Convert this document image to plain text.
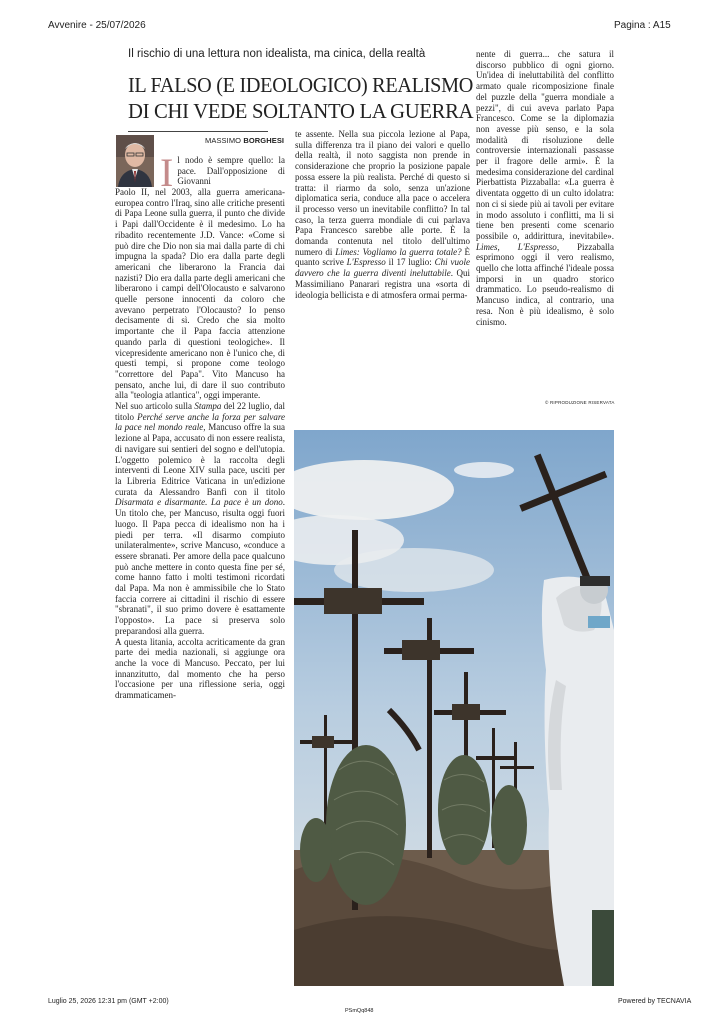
Avvenire - 25/07/2026	Pagina : A15
Il rischio di una lettura non idealista, ma cinica, della realtà
IL FALSO (E IDEOLOGICO) REALISMO
DI CHI VEDE SOLTANTO LA GUERRA
MASSIMO BORGHESI

Il nodo è sempre quello: la pace. Dall'opposizione di Giovanni

Paolo II, nel 2003, alla guerra americana-europea contro l'Iraq, sino alle critiche presenti di Papa Leone sulla guerra, il punto che divide i Papi dall'Occidente è il medesimo. Lo ha ribadito recentemente J.D. Vance: «Come si può dire che Dio non sia mai dalla parte di chi impugna la spada? Dio era dalla parte degli americani che liberarono la Francia dai nazisti? Dio era dalla parte degli americani che liberarono i campi dell'Olocausto e salvarono quelle persone innocenti da coloro che avevano perpetrato l'Olocausto? Io penso decisamente di sì. Credo che sia molto importante che il Papa faccia attenzione quando parla di questioni teologiche». Il vicepresidente americano non è l'unico che, di questi tempi, si propone come teologo "correttore del Papa". Vito Mancuso ha pensato, anche lui, di dare il suo contributo alla "teologia atlantica", oggi imperante.

Nel suo articolo sulla Stampa del 22 luglio, dal titolo Perché serve anche la forza per salvare la pace nel mondo reale, Mancuso offre la sua lezione al Papa, accusato di non essere realista, di navigare sui sentieri del sogno e dell'utopia. L'oggetto polemico è la raccolta degli interventi di Leone XIV sulla pace, usciti per la Libreria Editrice Vaticana in un'edizione curata da Alessandro Banfi con il titolo Disarmata e disarmante. La pace è un dono. Un titolo che, per Mancuso, risulta oggi fuori luogo. Il Papa pecca di idealismo non ha i piedi per terra. «Il disarmo compiuto unilateralmente», scrive Mancuso, «conduce a essere sbranati. Per amore della pace qualcuno può anche mettere in conto questa fine per sé, come hanno fatto i molti testimoni ricordati dal Papa. Ma non è ammissibile che lo Stato faccia correre ai cittadini il rischio di essere "sbranati", il suo primo dovere è esattamente l'opposto». La pace si preserva solo preparandosi alla guerra.

A questa litania, accolta acriticamente da gran parte dei media nazionali, si aggiunge ora anche la voce di Mancuso. Peccato, per lui innanzitutto, dal momento che ha perso l'occasione per una riflessione seria, oggi drammaticamen-

te assente. Nella sua piccola lezione al Papa, sulla differenza tra il piano dei valori e quello della realtà, il noto saggista non prende in considerazione che proprio la posizione papale possa essere la più realista. Perché di questo si tratta: il riarmo da solo, senza un'azione diplomatica seria, conduce alla pace o accelera il processo verso un inevitabile conflitto? In tal caso, la terza guerra mondiale di cui parlava Papa Francesco sarebbe alle porte. È la domanda contenuta nel titolo dell'ultimo numero di Limes: Vogliamo la guerra totale? È quanto scrive L'Espresso il 17 luglio: Chi vuole davvero che la guerra diventi ineluttabile. Qui Massimiliano Panarari registra una «sorta di ideologia bellicista e di atmosfera ormai perma-

nente di guerra... che satura il discorso pubblico di ogni giorno. Un'idea di ineluttabilità del conflitto armato quale ricomposizione finale del puzzle della "guerra mondiale a pezzi", di cui aveva parlato Papa Francesco. Come se la diplomazia non avesse più senso, e la sola modalità di risoluzione delle controversie internazionali passasse per il fragore delle armi». È la medesima considerazione del cardinal Pierbattista Pizzaballa: «La guerra è diventata oggetto di un culto idolatra: non ci si siede più ai tavoli per evitare in modo assoluto i conflitti, ma li si tiene ben presenti come scenario possibile o, addirittura, inevitabile». Limes, L'Espresso, Pizzaballa esprimono oggi il vero realismo, quello che lotta affinché l'ideale possa imporsi in un quadro storico drammatico. Lo pseudo-realismo di Mancuso indica, al contrario, una resa. Non è più idealismo, è solo cinismo.

© RIPRODUZIONE RISERVATA
Luglio 25, 2026 12:31 pm (GMT +2:00)
PSmQq848
Powered by TECNAVIA
